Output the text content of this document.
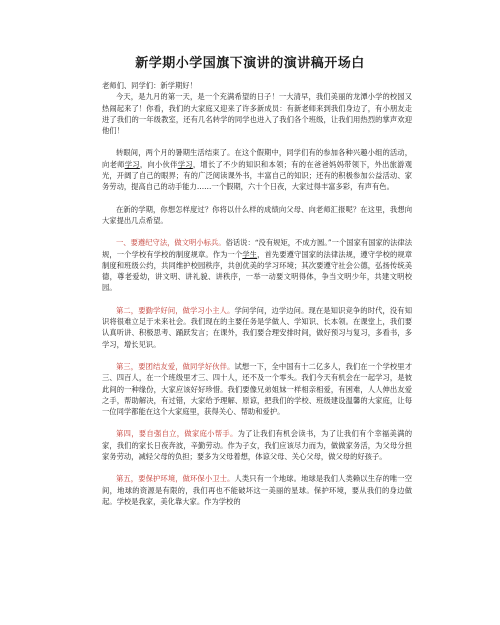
新学期小学国旗下演讲的演讲稿开场白

老师们、同学们：新学期好！

今天，是九月的第一天，是一个充满希望的日子！一大清早，我们美丽的龙潭小学的校园又热闹起来了！你看，我们的大家庭又迎来了许多新成员：有新老师来到我们身边了，有小朋友走进了我们的一年级教室，还有几名转学的同学也进入了我们各个班级，让我们用热烈的掌声欢迎他们！

转眼间，两个月的暑期生活结束了。在这个假期中，同学们有的参加各种兴趣小组的活动，向老师学习，向小伙伴学习，增长了不少的知识和本领；有的在爸爸妈妈带领下，外出旅游观光，开阔了自己的眼界；有的广泛阅读课外书，丰富自己的知识；还有的积极参加公益活动、家务劳动，提高自己的动手能力……一个假期，六十个日夜，大家过得丰富多彩，有声有色。

在新的学期，你想怎样度过？你将以什么样的成绩向父母、向老师汇报呢？在这里，我想向大家提出几点希望。

一、要遵纪守法，做文明小标兵。俗话说：“没有规矩，不成方圆。”一个国家有国家的法律法规，一个学校有学校的制度规章。作为一个学生，首先要遵守国家的法律法规，遵守学校的规章制度和班级公约，共同维护校园秩序，共创优美的学习环境；其次要遵守社会公德，弘扬传统美德，尊老爱幼，讲文明、讲礼貌、讲秩序，一举一动要文明得体，争当文明少年，共建文明校园。

第二，要勤学好问，做学习小主人。学问学问，边学边问。现在是知识竞争的时代，没有知识将很难立足于未来社会。我们现在的主要任务是学做人、学知识、长本领。在课堂上，我们要认真听讲、积极思考、踊跃发言；在课外，我们要合理安排时间，做好预习与复习，多看书，多学习，增长见识。

第三，要团结友爱，做同学好伙伴。试想一下，全中国有十二亿多人，我们在一个学校里才三、四百人，在一个班级里才三、四十人，还不及一个零头。我们今天有机会在一起学习，是彼此间的一种缘份，大家应该好好珍惜。我们要像兄弟姐妹一样相亲相爱，有困难，人人伸出友爱之手，帮助解决，有过错，大家给予理解、原谅，把我们的学校、班级建设温馨的大家庭，让每一位同学都能在这个大家庭里，获得关心、帮助和爱护。

第四，要自强自立，做家庭小帮手。为了让我们有机会读书，为了让我们有个幸福美满的家，我们的家长日夜奔波，辛勤劳动。作为子女，我们应该尽力而为，做做家务活，为父母分担家务劳动，减轻父母的负担；要多为父母着想，体谅父母、关心父母，做父母的好孩子。

第五，要保护环境，做环保小卫士。人类只有一个地球。地球是我们人类赖以生存的唯一空间，地球的资源是有限的，我们再也不能破坏这一美丽的星球。保护环境，要从我们的身边做起。学校是我家，美化靠大家。作为学校的
